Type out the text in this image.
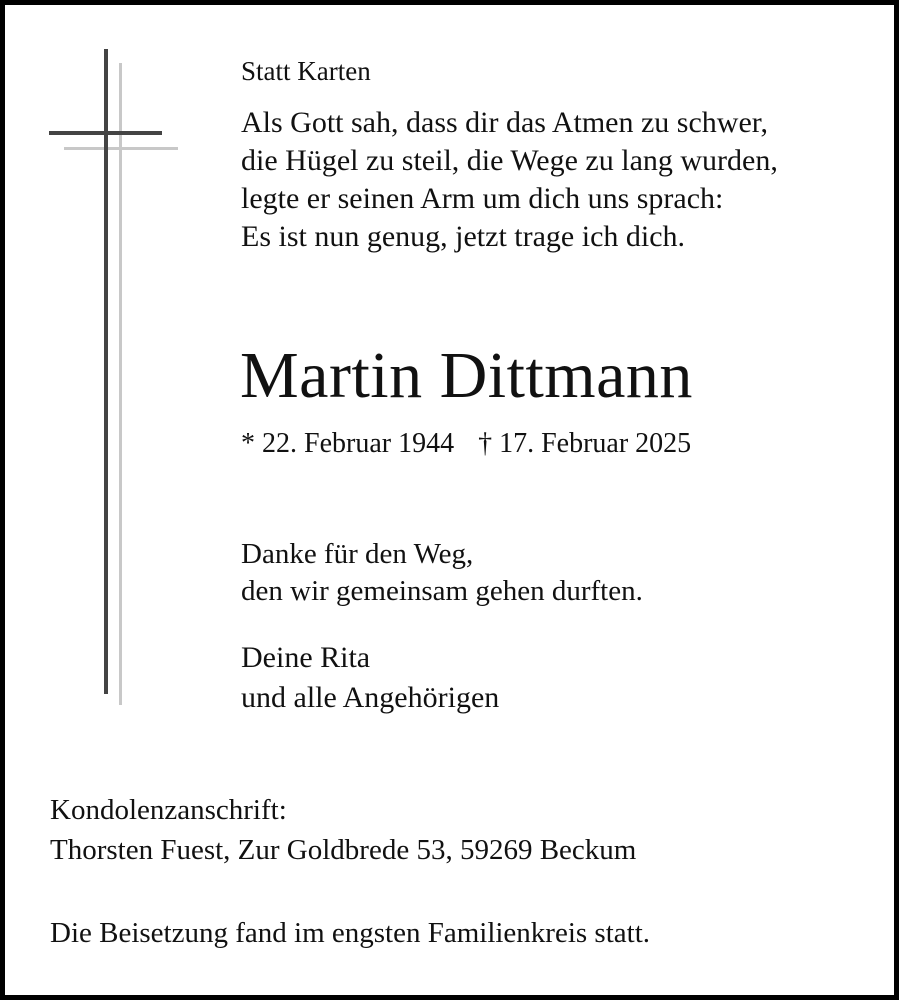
Statt Karten
Als Gott sah, dass dir das Atmen zu schwer,
die Hügel zu steil, die Wege zu lang wurden,
legte er seinen Arm um dich uns sprach:
Es ist nun genug, jetzt trage ich dich.
Martin Dittmann
* 22. Februar 1944 † 17. Februar 2025
Danke für den Weg,
den wir gemeinsam gehen durften.
Deine Rita
und alle Angehörigen
Kondolenzanschrift:
Thorsten Fuest, Zur Goldbrede 53, 59269 Beckum
Die Beisetzung fand im engsten Familienkreis statt.
